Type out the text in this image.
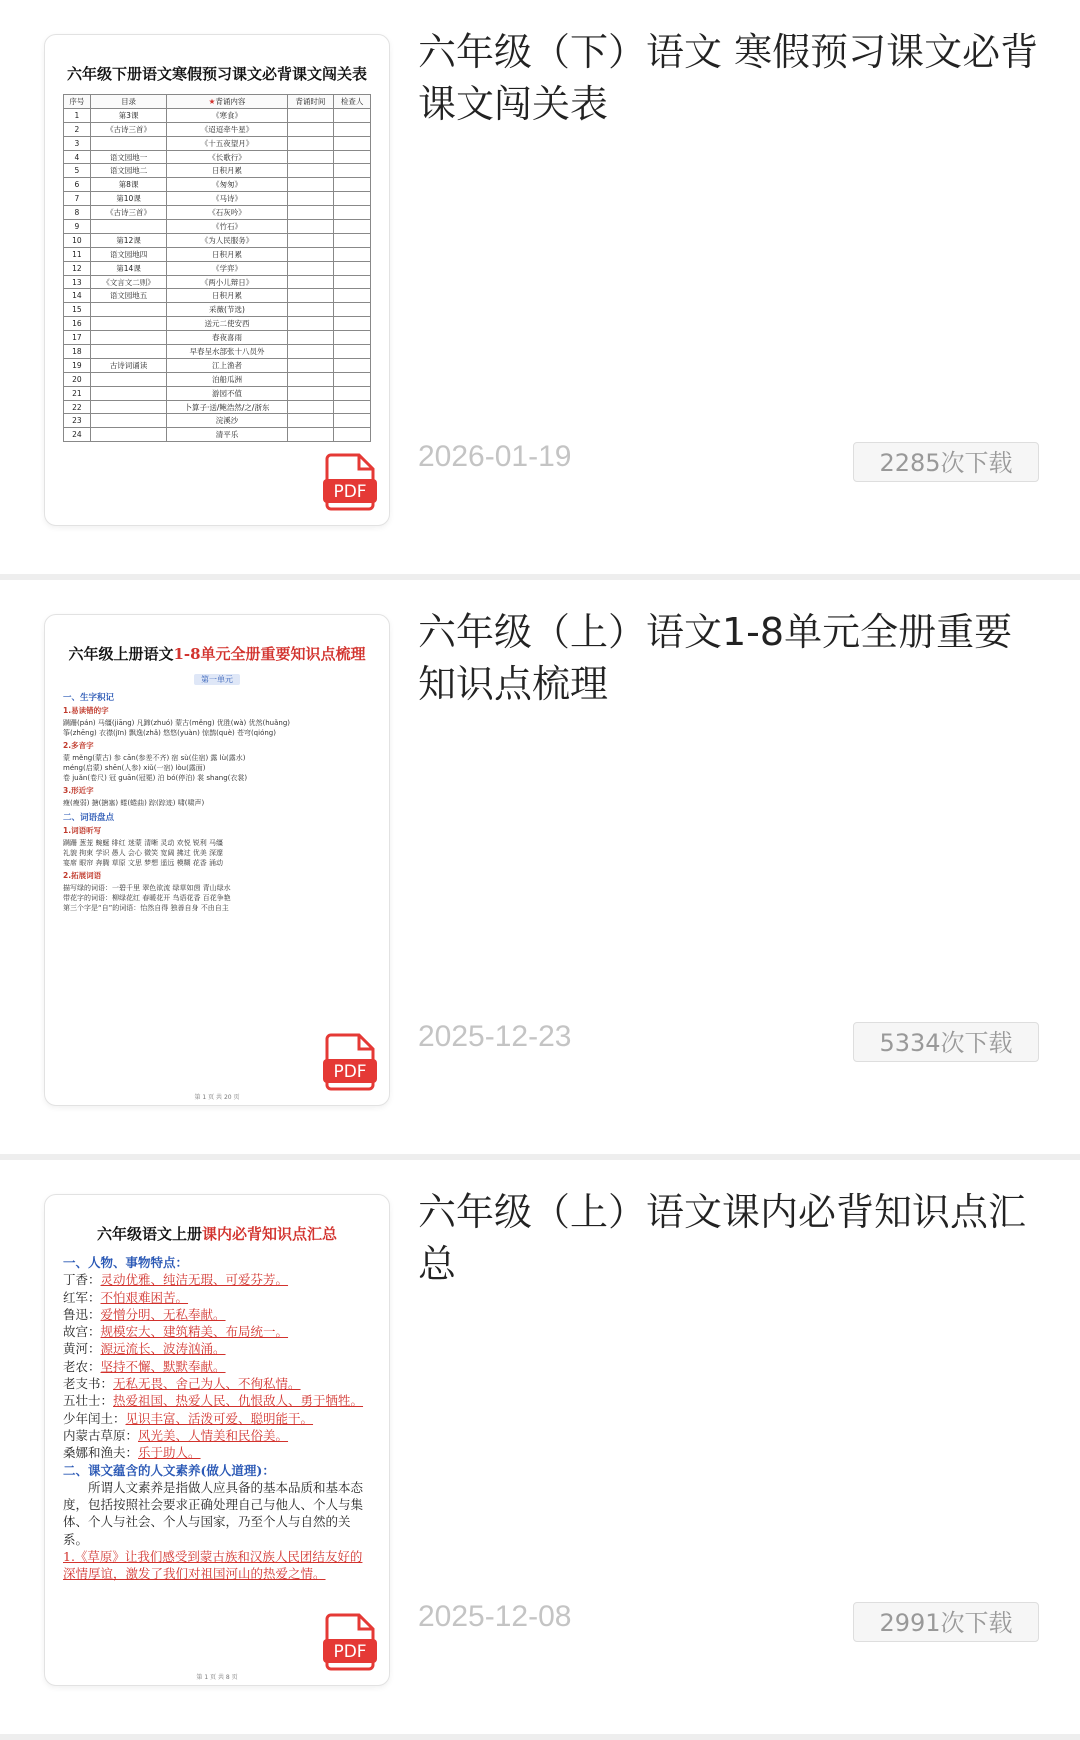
六年级下册语文寒假预习课文必背课文闯关表
序号	目录	★背诵内容	背诵时间	检查人
1	第3课	《寒食》		
2	《古诗三首》	《迢迢牵牛星》		
3		《十五夜望月》		
4	语文园地一	《长歌行》		
5	语文园地二	日积月累		
6	第8课	《匆匆》		
7	第10课	《马诗》		
8	《古诗三首》	《石灰吟》		
9		《竹石》		
10	第12课	《为人民服务》		
11	语文园地四	日积月累		
12	第14课	《学弈》		
13	《文言文二则》	《两小儿辩日》		
14	语文园地五	日积月累		
15		采薇(节选)		
16		送元二使安西		
17		春夜喜雨		
18		早春呈水部张十八员外		
19	古诗词诵读	江上渔者		
20		泊船瓜洲		
21		游园不值		
22		卜算子·送/鲍浩然/之/浙东		
23		浣溪沙		
24		清平乐		
PDF
六年级（下）语文 寒假预习课文必背课文闯关表
2026-01-19	2285次下载
六年级上册语文1-8单元全册重要知识点梳理
第一单元
一、生字积记
1.易读错的字
蹒跚(pán) 马缰(jiāng) 凡蹄(zhuó) 蒙古(měng) 优胜(wà) 优然(huǎng)
筝(zhēng) 衣襟(jīn) 飘逸(zhǎ) 悠悠(yuàn) 惊鹊(què) 苍穹(qióng)
2.多音字
蒙 měng(蒙古) 参 cān(参差不齐) 宿 sù(住宿) 露 lù(露水)
méng(启蒙) shēn(人参) xiǔ(一宿) lòu(露面)
卷 juǎn(卷尺) 冠 guān(冠冕) 泊 bó(停泊) 裳 shang(衣裳)
3.形近字
瘦(瘦弱) 搪(搪塞) 蜷(蜷曲) 踪(踪迹) 啸(啸声)
二、词语盘点
1.词语听写
蹒跚 葱茏 蜿蜒 绯红 迷蒙 清晰 灵动 欢悦 锐利 马缰
礼貌 拘束 学识 愚人 会心 微笑 宽阔 拂过 优美 深邃
宴席 眼帘 奔腾 草原 文思 梦想 遥远 模糊 花香 涌动
2.拓展词语
描写绿的词语：一碧千里 翠色欲流 绿草如茵 青山绿水
带花字的词语：柳绿花红 春暖花开 鸟语花香 百花争艳
第三个字是“自”的词语：怡然自得 独善自身 不由自主
第 1 页 共 20 页
PDF
六年级（上）语文1-8单元全册重要知识点梳理
2025-12-23	5334次下载
六年级语文上册课内必背知识点汇总
一、人物、事物特点：
丁香：灵动优雅、纯洁无瑕、可爱芬芳。
红军：不怕艰难困苦。
鲁迅：爱憎分明、无私奉献。
故宫：规模宏大、建筑精美、布局统一。
黄河：源远流长、波涛汹涌。
老农：坚持不懈、默默奉献。
老支书：无私无畏、舍己为人、不徇私情。
五壮士：热爱祖国、热爱人民、仇恨敌人、勇于牺牲。
少年闰土：见识丰富、活泼可爱、聪明能干。
内蒙古草原：风光美、人情美和民俗美。
桑娜和渔夫：乐于助人。
二、课文蕴含的人文素养(做人道理)：
所谓人文素养是指做人应具备的基本品质和基本态度，包括按照社会要求正确处理自己与他人、个人与集体、个人与社会、个人与国家，乃至个人与自然的关系。
1.《草原》让我们感受到蒙古族和汉族人民团结友好的深情厚谊，激发了我们对祖国河山的热爱之情。
第 1 页 共 8 页
PDF
六年级（上）语文课内必背知识点汇总
2025-12-08	2991次下载
